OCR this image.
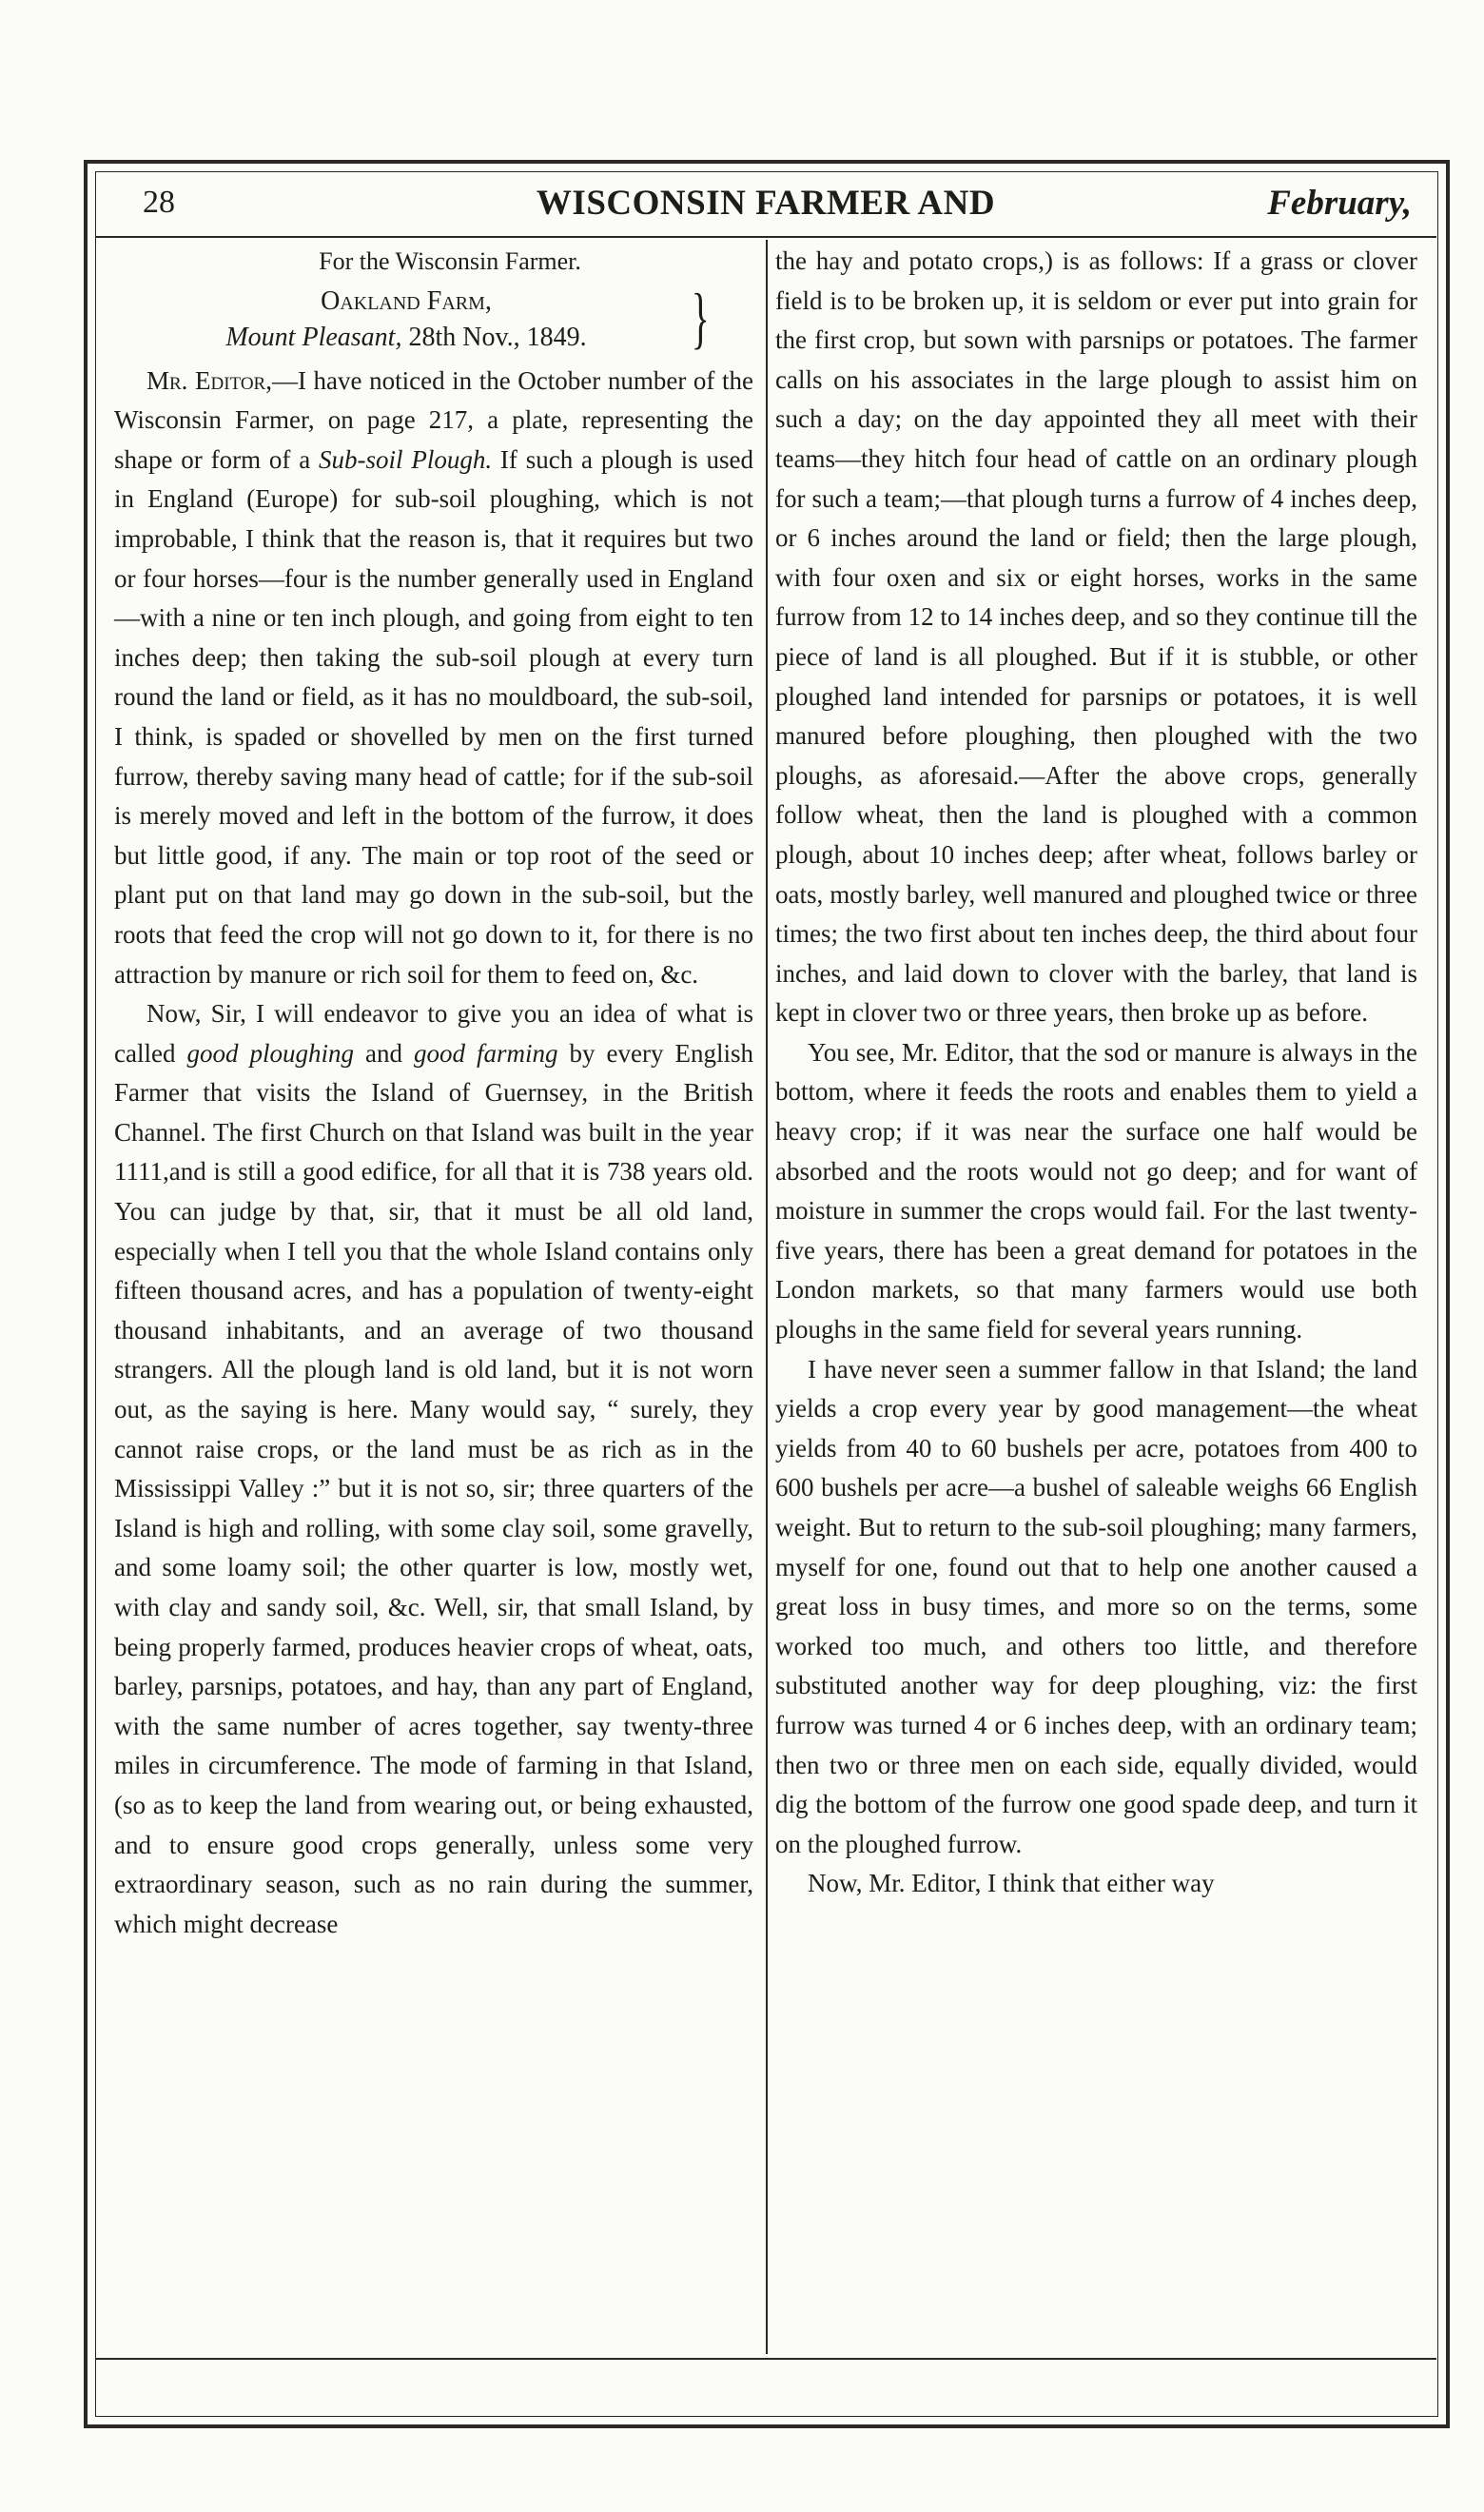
28	WISCONSIN FARMER AND	February,

For the Wisconsin Farmer.

Oakland Farm,
Mount Pleasant, 28th Nov., 1849.	}

Mr. Editor,—I have noticed in the October number of the Wisconsin Farmer, on page 217, a plate, representing the shape or form of a Sub-soil Plough. If such a plough is used in England (Europe) for sub-soil ploughing, which is not improbable, I think that the reason is, that it requires but two or four horses—four is the number generally used in England—with a nine or ten inch plough, and going from eight to ten inches deep; then taking the sub-soil plough at every turn round the land or field, as it has no mouldboard, the sub-soil, I think, is spaded or shovelled by men on the first turned furrow, thereby saving many head of cattle; for if the sub-soil is merely moved and left in the bottom of the furrow, it does but little good, if any. The main or top root of the seed or plant put on that land may go down in the sub-soil, but the roots that feed the crop will not go down to it, for there is no attraction by manure or rich soil for them to feed on, &c.

Now, Sir, I will endeavor to give you an idea of what is called good ploughing and good farming by every English Farmer that visits the Island of Guernsey, in the British Channel. The first Church on that Island was built in the year 1111,and is still a good edifice, for all that it is 738 years old. You can judge by that, sir, that it must be all old land, especially when I tell you that the whole Island contains only fifteen thousand acres, and has a population of twenty-eight thousand inhabitants, and an average of two thousand strangers. All the plough land is old land, but it is not worn out, as the saying is here. Many would say, “ surely, they cannot raise crops, or the land must be as rich as in the Mississippi Valley :” but it is not so, sir; three quarters of the Island is high and rolling, with some clay soil, some gravelly, and some loamy soil; the other quarter is low, mostly wet, with clay and sandy soil, &c. Well, sir, that small Island, by being properly farmed, produces heavier crops of wheat, oats, barley, parsnips, potatoes, and hay, than any part of England, with the same number of acres together, say twenty-three miles in circumference. The mode of farming in that Island, (so as to keep the land from wearing out, or being exhausted, and to ensure good crops generally, unless some very extraordinary season, such as no rain during the summer, which might decrease

the hay and potato crops,) is as follows: If a grass or clover field is to be broken up, it is seldom or ever put into grain for the first crop, but sown with parsnips or potatoes. The farmer calls on his associates in the large plough to assist him on such a day; on the day appointed they all meet with their teams—they hitch four head of cattle on an ordinary plough for such a team;—that plough turns a furrow of 4 inches deep, or 6 inches around the land or field; then the large plough, with four oxen and six or eight horses, works in the same furrow from 12 to 14 inches deep, and so they continue till the piece of land is all ploughed. But if it is stubble, or other ploughed land intended for parsnips or potatoes, it is well manured before ploughing, then ploughed with the two ploughs, as aforesaid.—After the above crops, generally follow wheat, then the land is ploughed with a common plough, about 10 inches deep; after wheat, follows barley or oats, mostly barley, well manured and ploughed twice or three times; the two first about ten inches deep, the third about four inches, and laid down to clover with the barley, that land is kept in clover two or three years, then broke up as before.

You see, Mr. Editor, that the sod or manure is always in the bottom, where it feeds the roots and enables them to yield a heavy crop; if it was near the surface one half would be absorbed and the roots would not go deep; and for want of moisture in summer the crops would fail. For the last twenty-five years, there has been a great demand for potatoes in the London markets, so that many farmers would use both ploughs in the same field for several years running.

I have never seen a summer fallow in that Island; the land yields a crop every year by good management—the wheat yields from 40 to 60 bushels per acre, potatoes from 400 to 600 bushels per acre—a bushel of saleable weighs 66 English weight. But to return to the sub-soil ploughing; many farmers, myself for one, found out that to help one another caused a great loss in busy times, and more so on the terms, some worked too much, and others too little, and therefore substituted another way for deep ploughing, viz: the first furrow was turned 4 or 6 inches deep, with an ordinary team; then two or three men on each side, equally divided, would dig the bottom of the furrow one good spade deep, and turn it on the ploughed furrow.

Now, Mr. Editor, I think that either way
